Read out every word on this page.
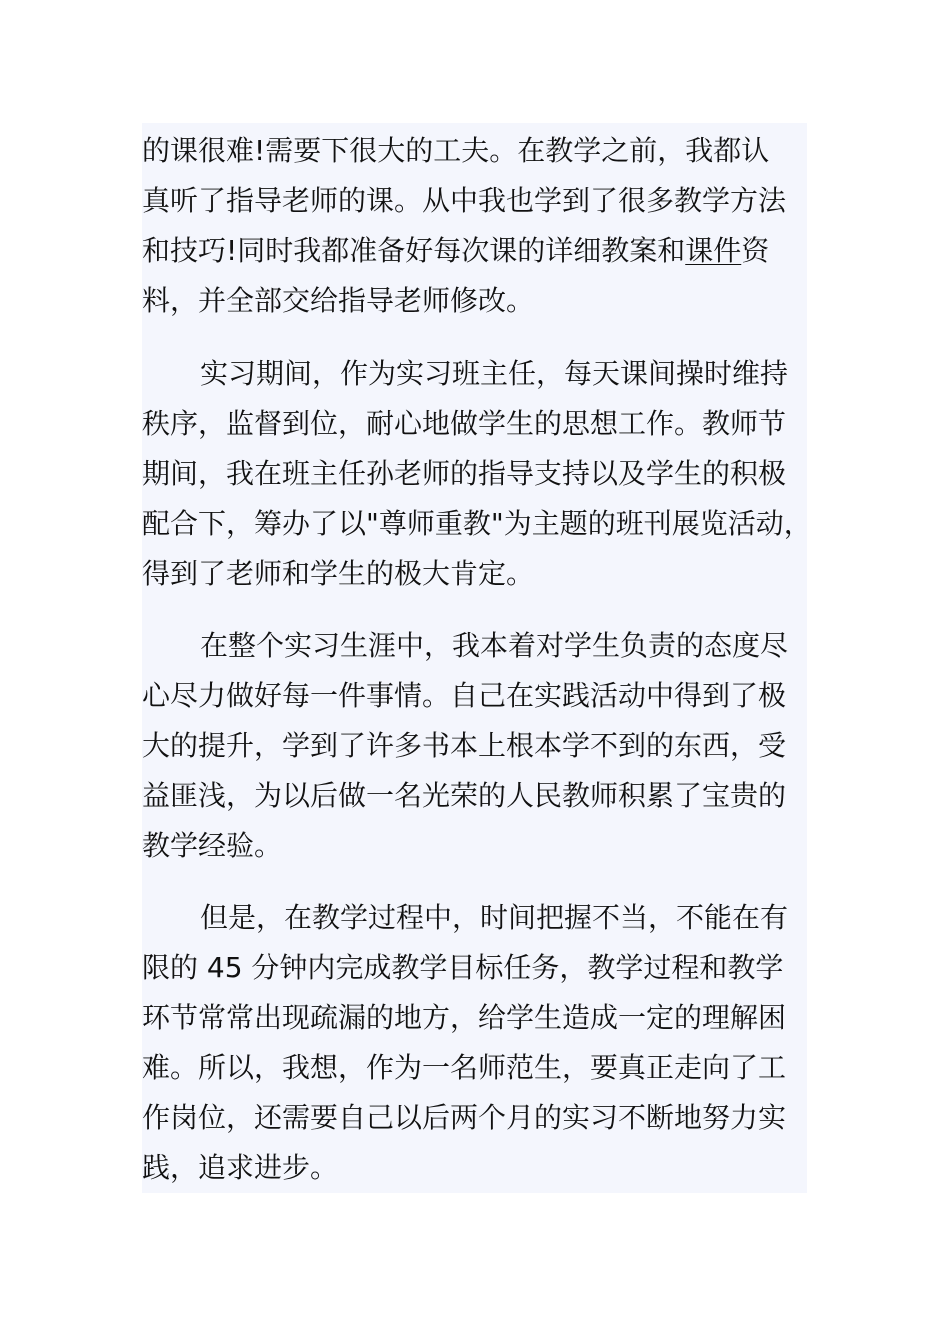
的课很难!需要下很大的工夫。在教学之前，我都认
真听了指导老师的课。从中我也学到了很多教学方法
和技巧!同时我都准备好每次课的详细教案和课件资
料，并全部交给指导老师修改。
实习期间，作为实习班主任，每天课间操时维持
秩序，监督到位，耐心地做学生的思想工作。教师节
期间，我在班主任孙老师的指导支持以及学生的积极
配合下，筹办了以"尊师重教"为主题的班刊展览活动，
得到了老师和学生的极大肯定。
在整个实习生涯中，我本着对学生负责的态度尽
心尽力做好每一件事情。自己在实践活动中得到了极
大的提升，学到了许多书本上根本学不到的东西，受
益匪浅，为以后做一名光荣的人民教师积累了宝贵的
教学经验。
但是，在教学过程中，时间把握不当，不能在有
限的 45 分钟内完成教学目标任务，教学过程和教学
环节常常出现疏漏的地方，给学生造成一定的理解困
难。所以，我想，作为一名师范生，要真正走向了工
作岗位，还需要自己以后两个月的实习不断地努力实
践，追求进步。
